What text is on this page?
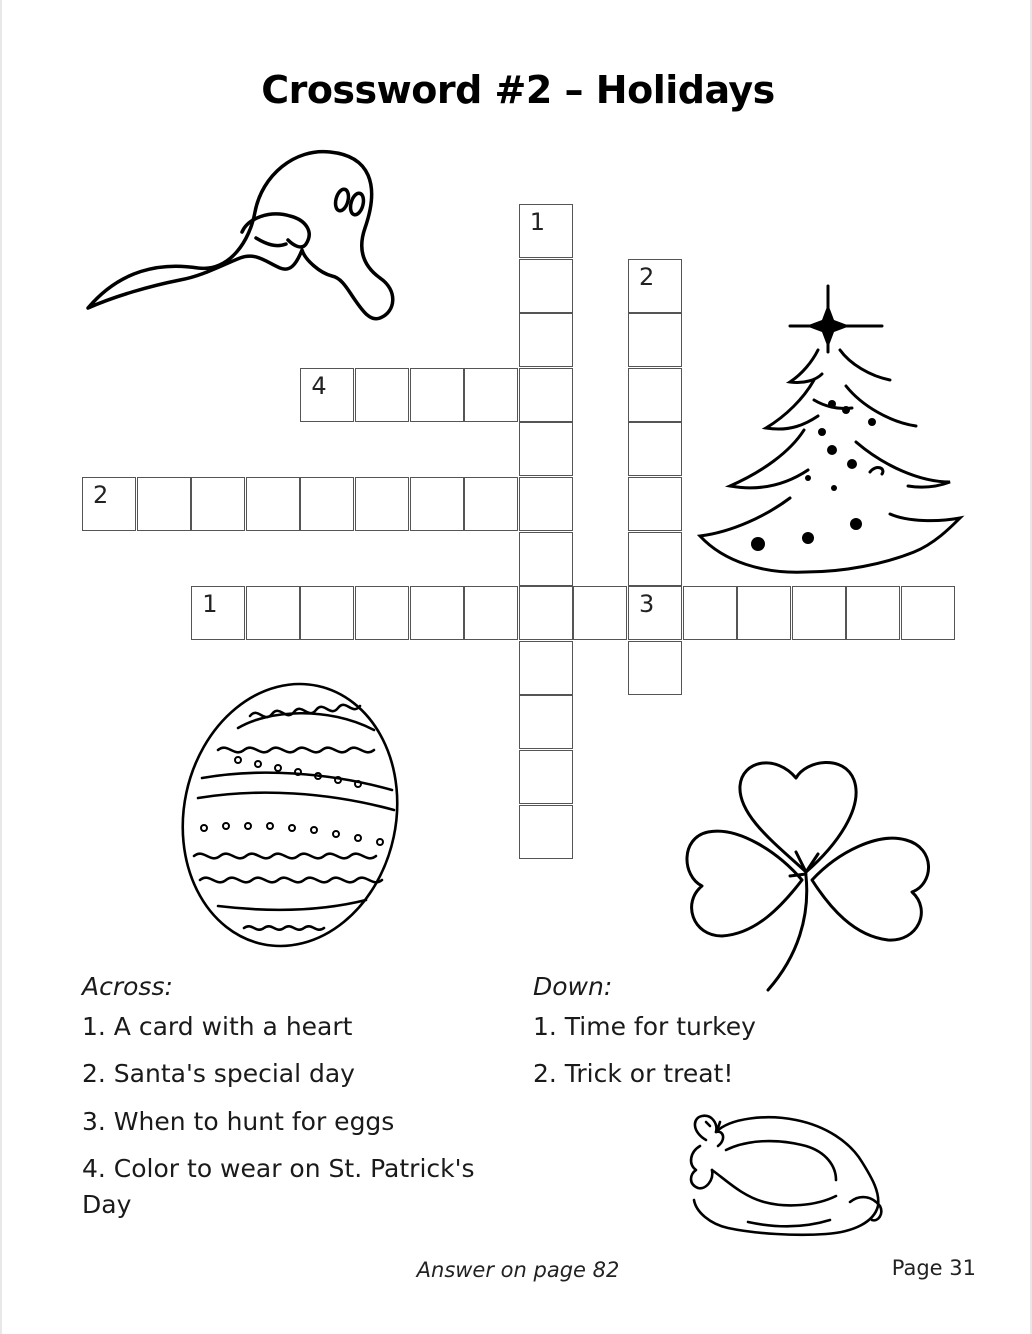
Crossword #2 – Holidays
1
2
3
4
2
1
Across:
1. A card with a heart
2. Santa's special day
3. When to hunt for eggs
4. Color to wear on St. Patrick's Day
Down:
1. Time for turkey
2. Trick or treat!
Answer on page 82	Page 31
